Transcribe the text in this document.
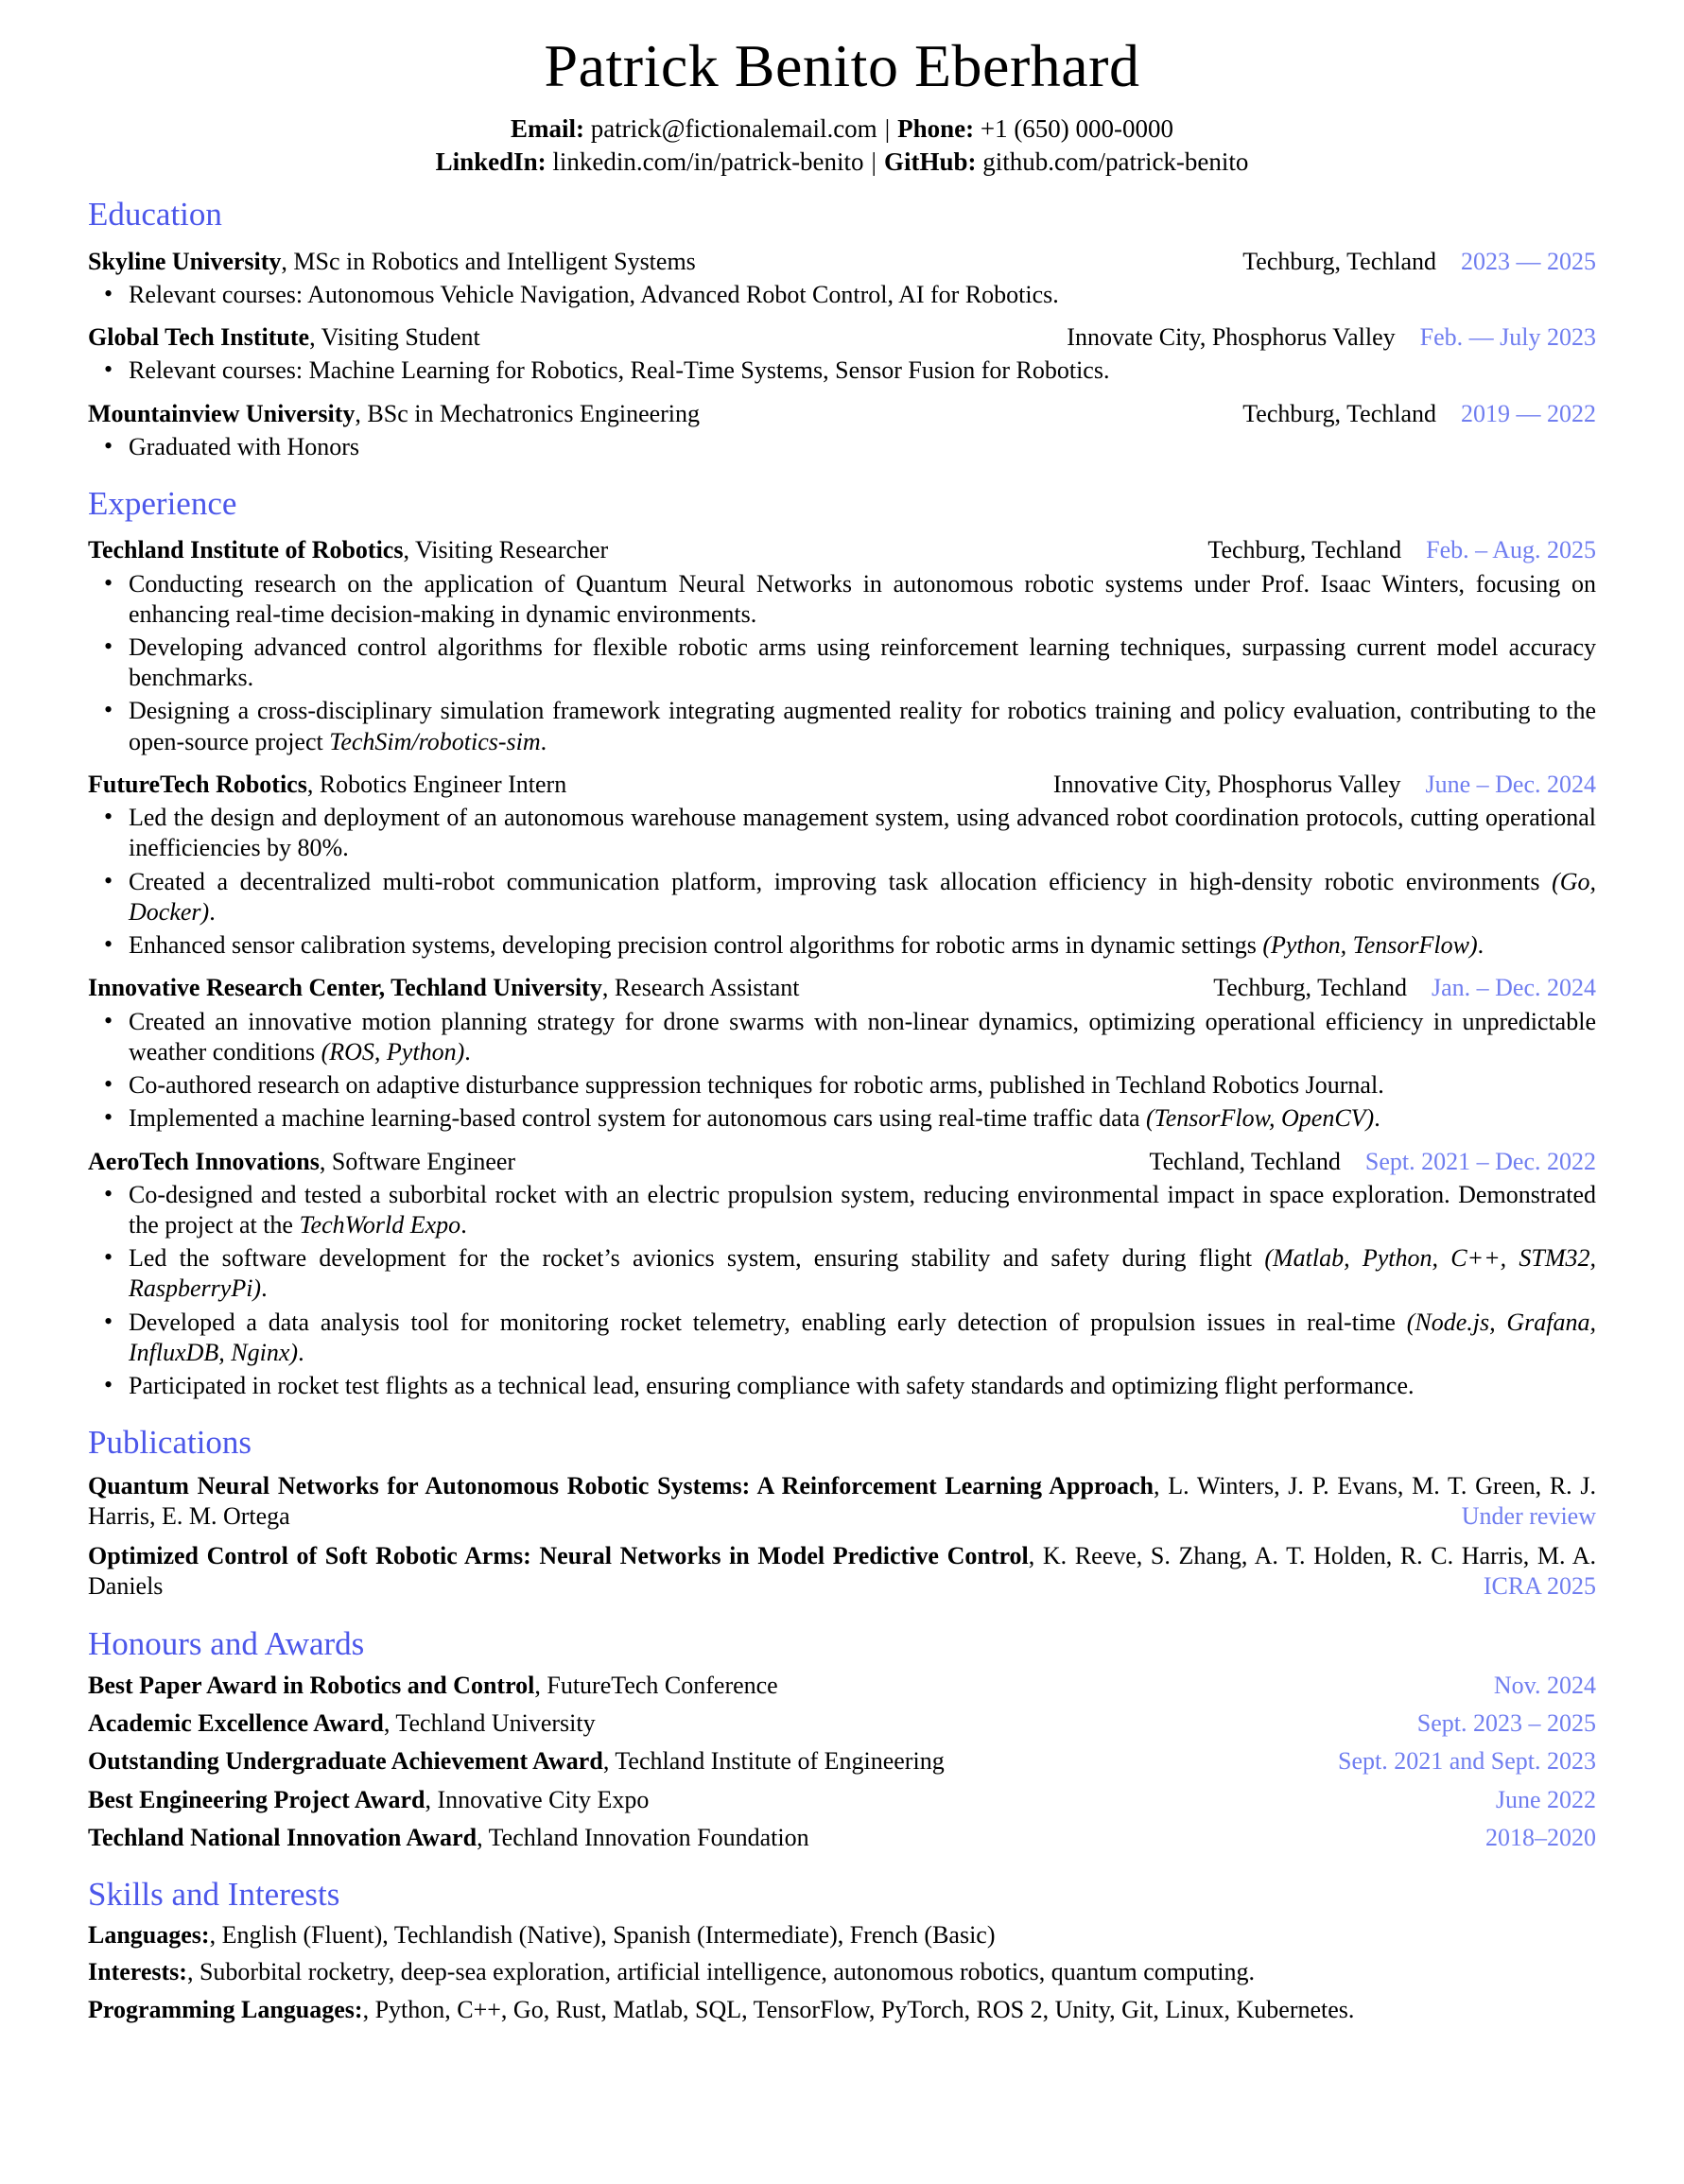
Patrick Benito Eberhard
Email: patrick@fictionalemail.com | Phone: +1 (650) 000-0000
LinkedIn: linkedin.com/in/patrick-benito | GitHub: github.com/patrick-benito
Education
Skyline University, MSc in Robotics and Intelligent Systems	Techburg, Techland 2023 — 2025
• Relevant courses: Autonomous Vehicle Navigation, Advanced Robot Control, AI for Robotics.
Global Tech Institute, Visiting Student	Innovate City, Phosphorus Valley Feb. — July 2023
• Relevant courses: Machine Learning for Robotics, Real-Time Systems, Sensor Fusion for Robotics.
Mountainview University, BSc in Mechatronics Engineering	Techburg, Techland 2019 — 2022
• Graduated with Honors
Experience
Techland Institute of Robotics, Visiting Researcher	Techburg, Techland Feb. – Aug. 2025
• Conducting research on the application of Quantum Neural Networks in autonomous robotic systems under Prof. Isaac Winters, focusing on enhancing real-time decision-making in dynamic environments.
• Developing advanced control algorithms for flexible robotic arms using reinforcement learning techniques, surpassing current model accuracy benchmarks.
• Designing a cross-disciplinary simulation framework integrating augmented reality for robotics training and policy evaluation, contributing to the open-source project TechSim/robotics-sim.
FutureTech Robotics, Robotics Engineer Intern	Innovative City, Phosphorus Valley June – Dec. 2024
• Led the design and deployment of an autonomous warehouse management system, using advanced robot coordination protocols, cutting operational inefficiencies by 80%.
• Created a decentralized multi-robot communication platform, improving task allocation efficiency in high-density robotic environments (Go, Docker).
• Enhanced sensor calibration systems, developing precision control algorithms for robotic arms in dynamic settings (Python, TensorFlow).
Innovative Research Center, Techland University, Research Assistant	Techburg, Techland Jan. – Dec. 2024
• Created an innovative motion planning strategy for drone swarms with non-linear dynamics, optimizing operational efficiency in unpredictable weather conditions (ROS, Python).
• Co-authored research on adaptive disturbance suppression techniques for robotic arms, published in Techland Robotics Journal.
• Implemented a machine learning-based control system for autonomous cars using real-time traffic data (TensorFlow, OpenCV).
AeroTech Innovations, Software Engineer	Techland, Techland Sept. 2021 – Dec. 2022
• Co-designed and tested a suborbital rocket with an electric propulsion system, reducing environmental impact in space exploration. Demonstrated the project at the TechWorld Expo.
• Led the software development for the rocket’s avionics system, ensuring stability and safety during flight (Matlab, Python, C++, STM32, RaspberryPi).
• Developed a data analysis tool for monitoring rocket telemetry, enabling early detection of propulsion issues in real-time (Node.js, Grafana, InfluxDB, Nginx).
• Participated in rocket test flights as a technical lead, ensuring compliance with safety standards and optimizing flight performance.
Publications
Quantum Neural Networks for Autonomous Robotic Systems: A Reinforcement Learning Approach, L. Winters, J. P. Evans, M. T. Green, R. J. Harris, E. M. Ortega	Under review
Optimized Control of Soft Robotic Arms: Neural Networks in Model Predictive Control, K. Reeve, S. Zhang, A. T. Holden, R. C. Harris, M. A. Daniels	ICRA 2025
Honours and Awards
Best Paper Award in Robotics and Control, FutureTech Conference	Nov. 2024
Academic Excellence Award, Techland University	Sept. 2023 – 2025
Outstanding Undergraduate Achievement Award, Techland Institute of Engineering	Sept. 2021 and Sept. 2023
Best Engineering Project Award, Innovative City Expo	June 2022
Techland National Innovation Award, Techland Innovation Foundation	2018–2020
Skills and Interests
Languages:, English (Fluent), Techlandish (Native), Spanish (Intermediate), French (Basic)
Interests:, Suborbital rocketry, deep-sea exploration, artificial intelligence, autonomous robotics, quantum computing.
Programming Languages:, Python, C++, Go, Rust, Matlab, SQL, TensorFlow, PyTorch, ROS 2, Unity, Git, Linux, Kubernetes.
